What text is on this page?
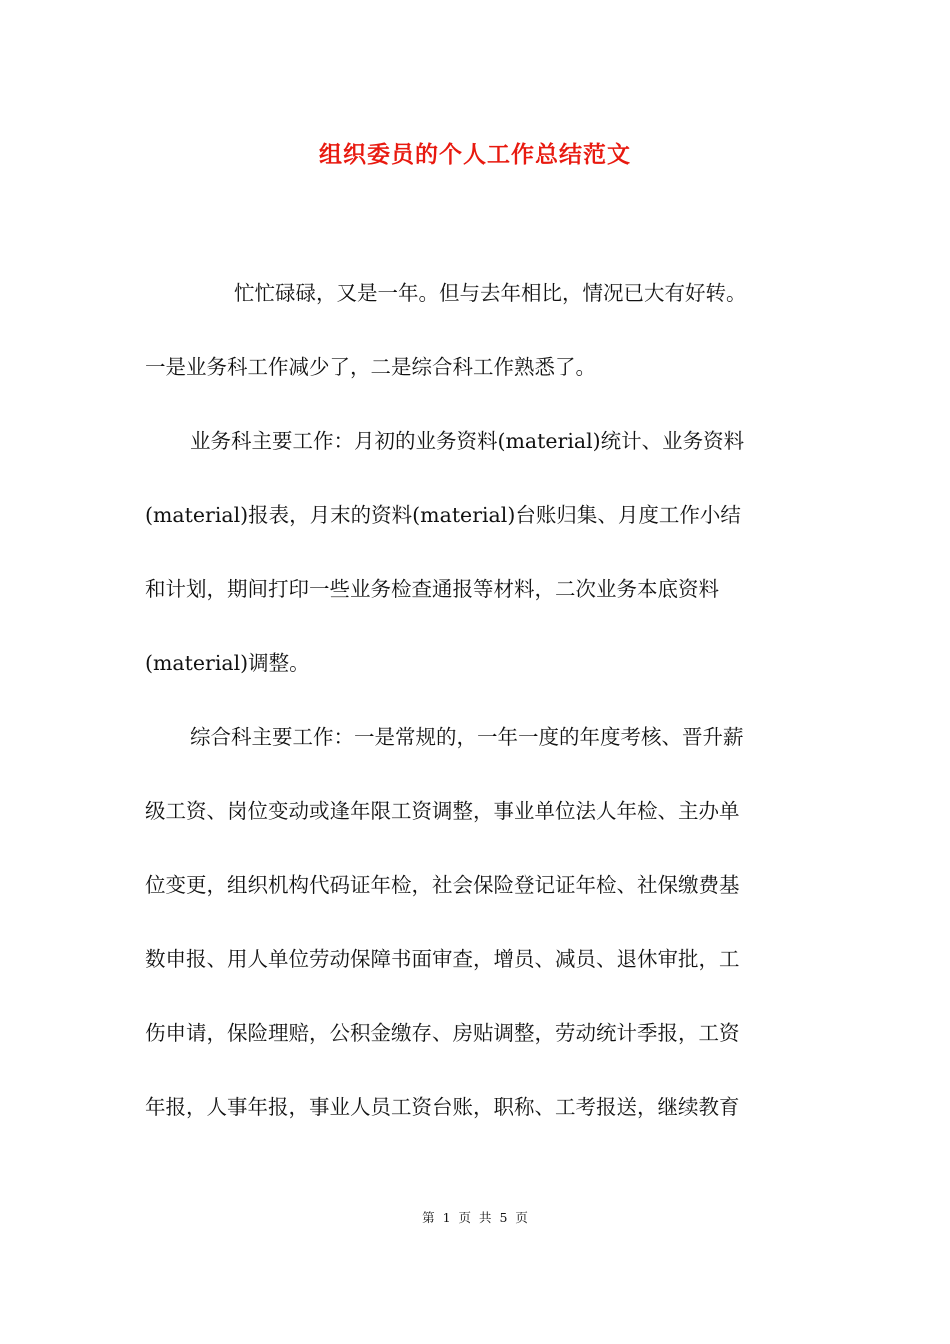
组织委员的个人工作总结范文
忙忙碌碌，又是一年。但与去年相比，情况已大有好转。
一是业务科工作减少了，二是综合科工作熟悉了。
业务科主要工作：月初的业务资料(material)统计、业务资料
(material)报表，月末的资料(material)台账归集、月度工作小结
和计划，期间打印一些业务检查通报等材料，二次业务本底资料
(material)调整。
综合科主要工作：一是常规的，一年一度的年度考核、晋升薪
级工资、岗位变动或逢年限工资调整，事业单位法人年检、主办单
位变更，组织机构代码证年检，社会保险登记证年检、社保缴费基
数申报、用人单位劳动保障书面审查，增员、减员、退休审批，工
伤申请，保险理赔，公积金缴存、房贴调整，劳动统计季报，工资
年报，人事年报，事业人员工资台账，职称、工考报送，继续教育
第 1 页 共 5 页
